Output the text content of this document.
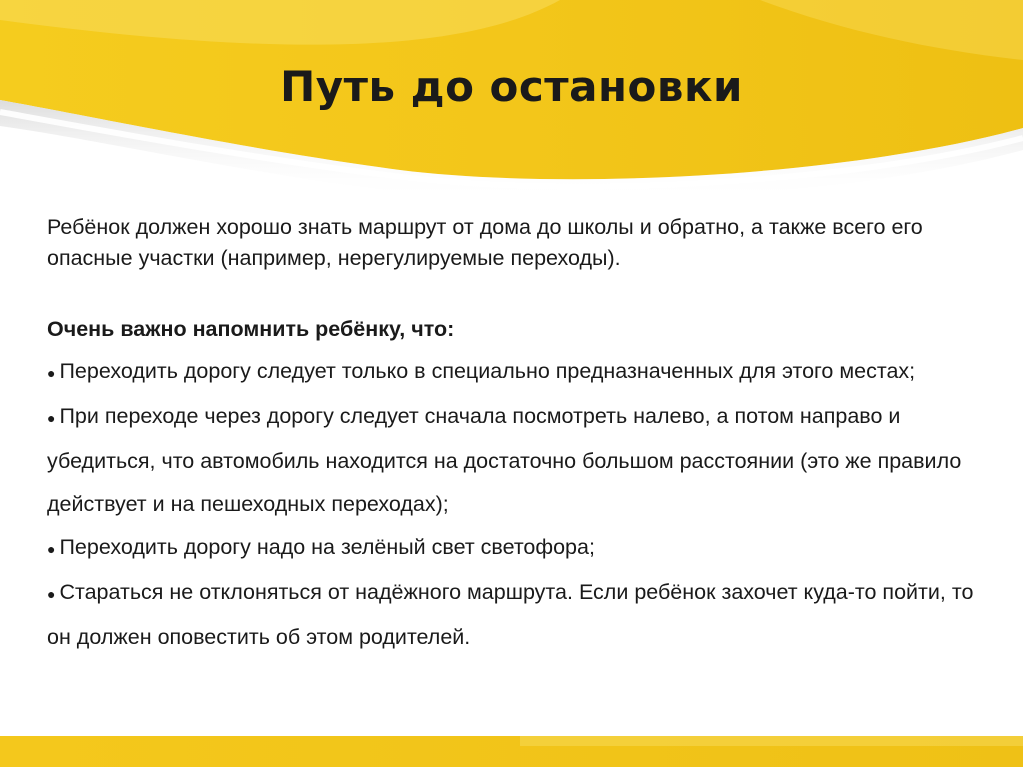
Путь до остановки

Ребёнок должен хорошо знать маршрут от дома до школы и обратно, а также всего его опасные участки (например, нерегулируемые переходы).

Очень важно напомнить ребёнку, что:

● Переходить дорогу следует только в специально предназначенных для этого местах;
● При переходе через дорогу следует сначала посмотреть налево, а потом направо и убедиться, что автомобиль находится на достаточно большом расстоянии (это же правило действует и на пешеходных переходах);
● Переходить дорогу надо на зелёный свет светофора;
● Стараться не отклоняться от надёжного маршрута. Если ребёнок захочет куда-то пойти, то он должен оповестить об этом родителей.
